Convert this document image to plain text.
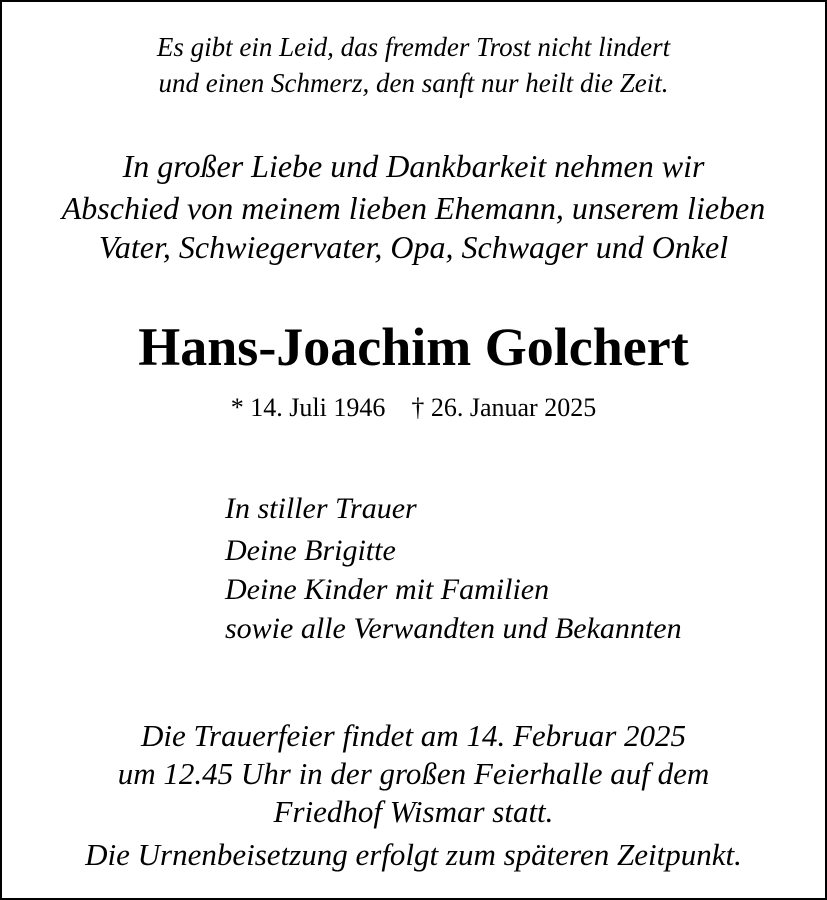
Es gibt ein Leid, das fremder Trost nicht lindert
und einen Schmerz, den sanft nur heilt die Zeit.
In großer Liebe und Dankbarkeit nehmen wir
Abschied von meinem lieben Ehemann, unserem lieben
Vater, Schwiegervater, Opa, Schwager und Onkel
Hans-Joachim Golchert
* 14. Juli 1946 † 26. Januar 2025
In stiller Trauer
Deine Brigitte
Deine Kinder mit Familien
sowie alle Verwandten und Bekannten
Die Trauerfeier findet am 14. Februar 2025
um 12.45 Uhr in der großen Feierhalle auf dem
Friedhof Wismar statt.
Die Urnenbeisetzung erfolgt zum späteren Zeitpunkt.
